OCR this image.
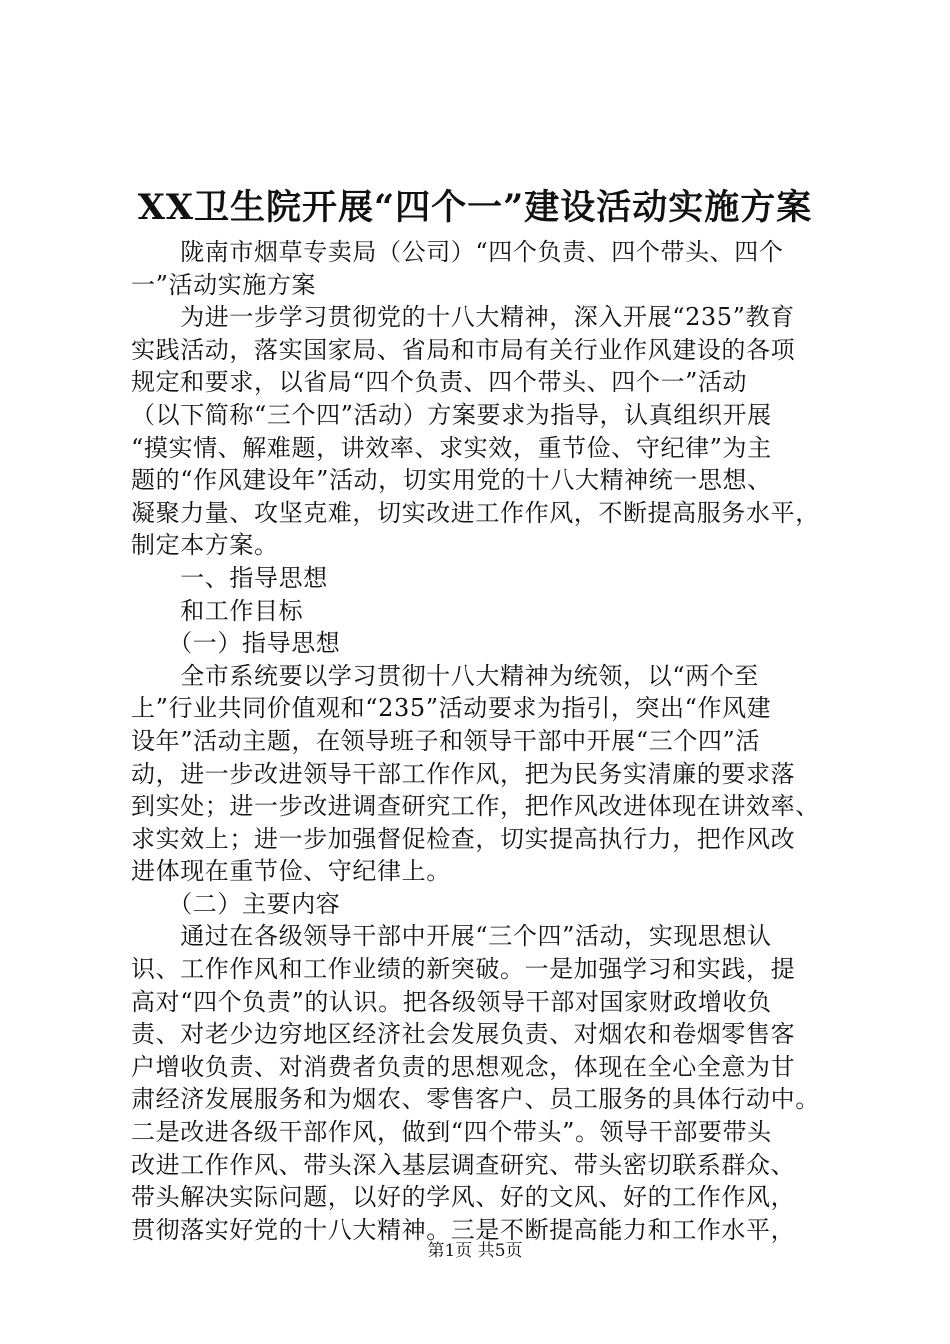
XX卫生院开展“四个一”建设活动实施方案
　　陇南市烟草专卖局（公司）“四个负责、四个带头、四个
一”活动实施方案
　　为进一步学习贯彻党的十八大精神，深入开展“235”教育
实践活动，落实国家局、省局和市局有关行业作风建设的各项
规定和要求，以省局“四个负责、四个带头、四个一”活动
（以下简称“三个四”活动）方案要求为指导，认真组织开展
“摸实情、解难题，讲效率、求实效，重节俭、守纪律”为主
题的“作风建设年”活动，切实用党的十八大精神统一思想、
凝聚力量、攻坚克难，切实改进工作作风，不断提高服务水平，
制定本方案。
　　一、指导思想
　　和工作目标
　　（一）指导思想
　　全市系统要以学习贯彻十八大精神为统领，以“两个至
上”行业共同价值观和“235”活动要求为指引，突出“作风建
设年”活动主题，在领导班子和领导干部中开展“三个四”活
动，进一步改进领导干部工作作风，把为民务实清廉的要求落
到实处；进一步改进调查研究工作，把作风改进体现在讲效率、
求实效上；进一步加强督促检查，切实提高执行力，把作风改
进体现在重节俭、守纪律上。
　　（二）主要内容
　　通过在各级领导干部中开展“三个四”活动，实现思想认
识、工作作风和工作业绩的新突破。一是加强学习和实践，提
高对“四个负责”的认识。把各级领导干部对国家财政增收负
责、对老少边穷地区经济社会发展负责、对烟农和卷烟零售客
户增收负责、对消费者负责的思想观念，体现在全心全意为甘
肃经济发展服务和为烟农、零售客户、员工服务的具体行动中。
二是改进各级干部作风，做到“四个带头”。领导干部要带头
改进工作作风、带头深入基层调查研究、带头密切联系群众、
带头解决实际问题，以好的学风、好的文风、好的工作作风，
贯彻落实好党的十八大精神。三是不断提高能力和工作水平，
第1页 共5页
